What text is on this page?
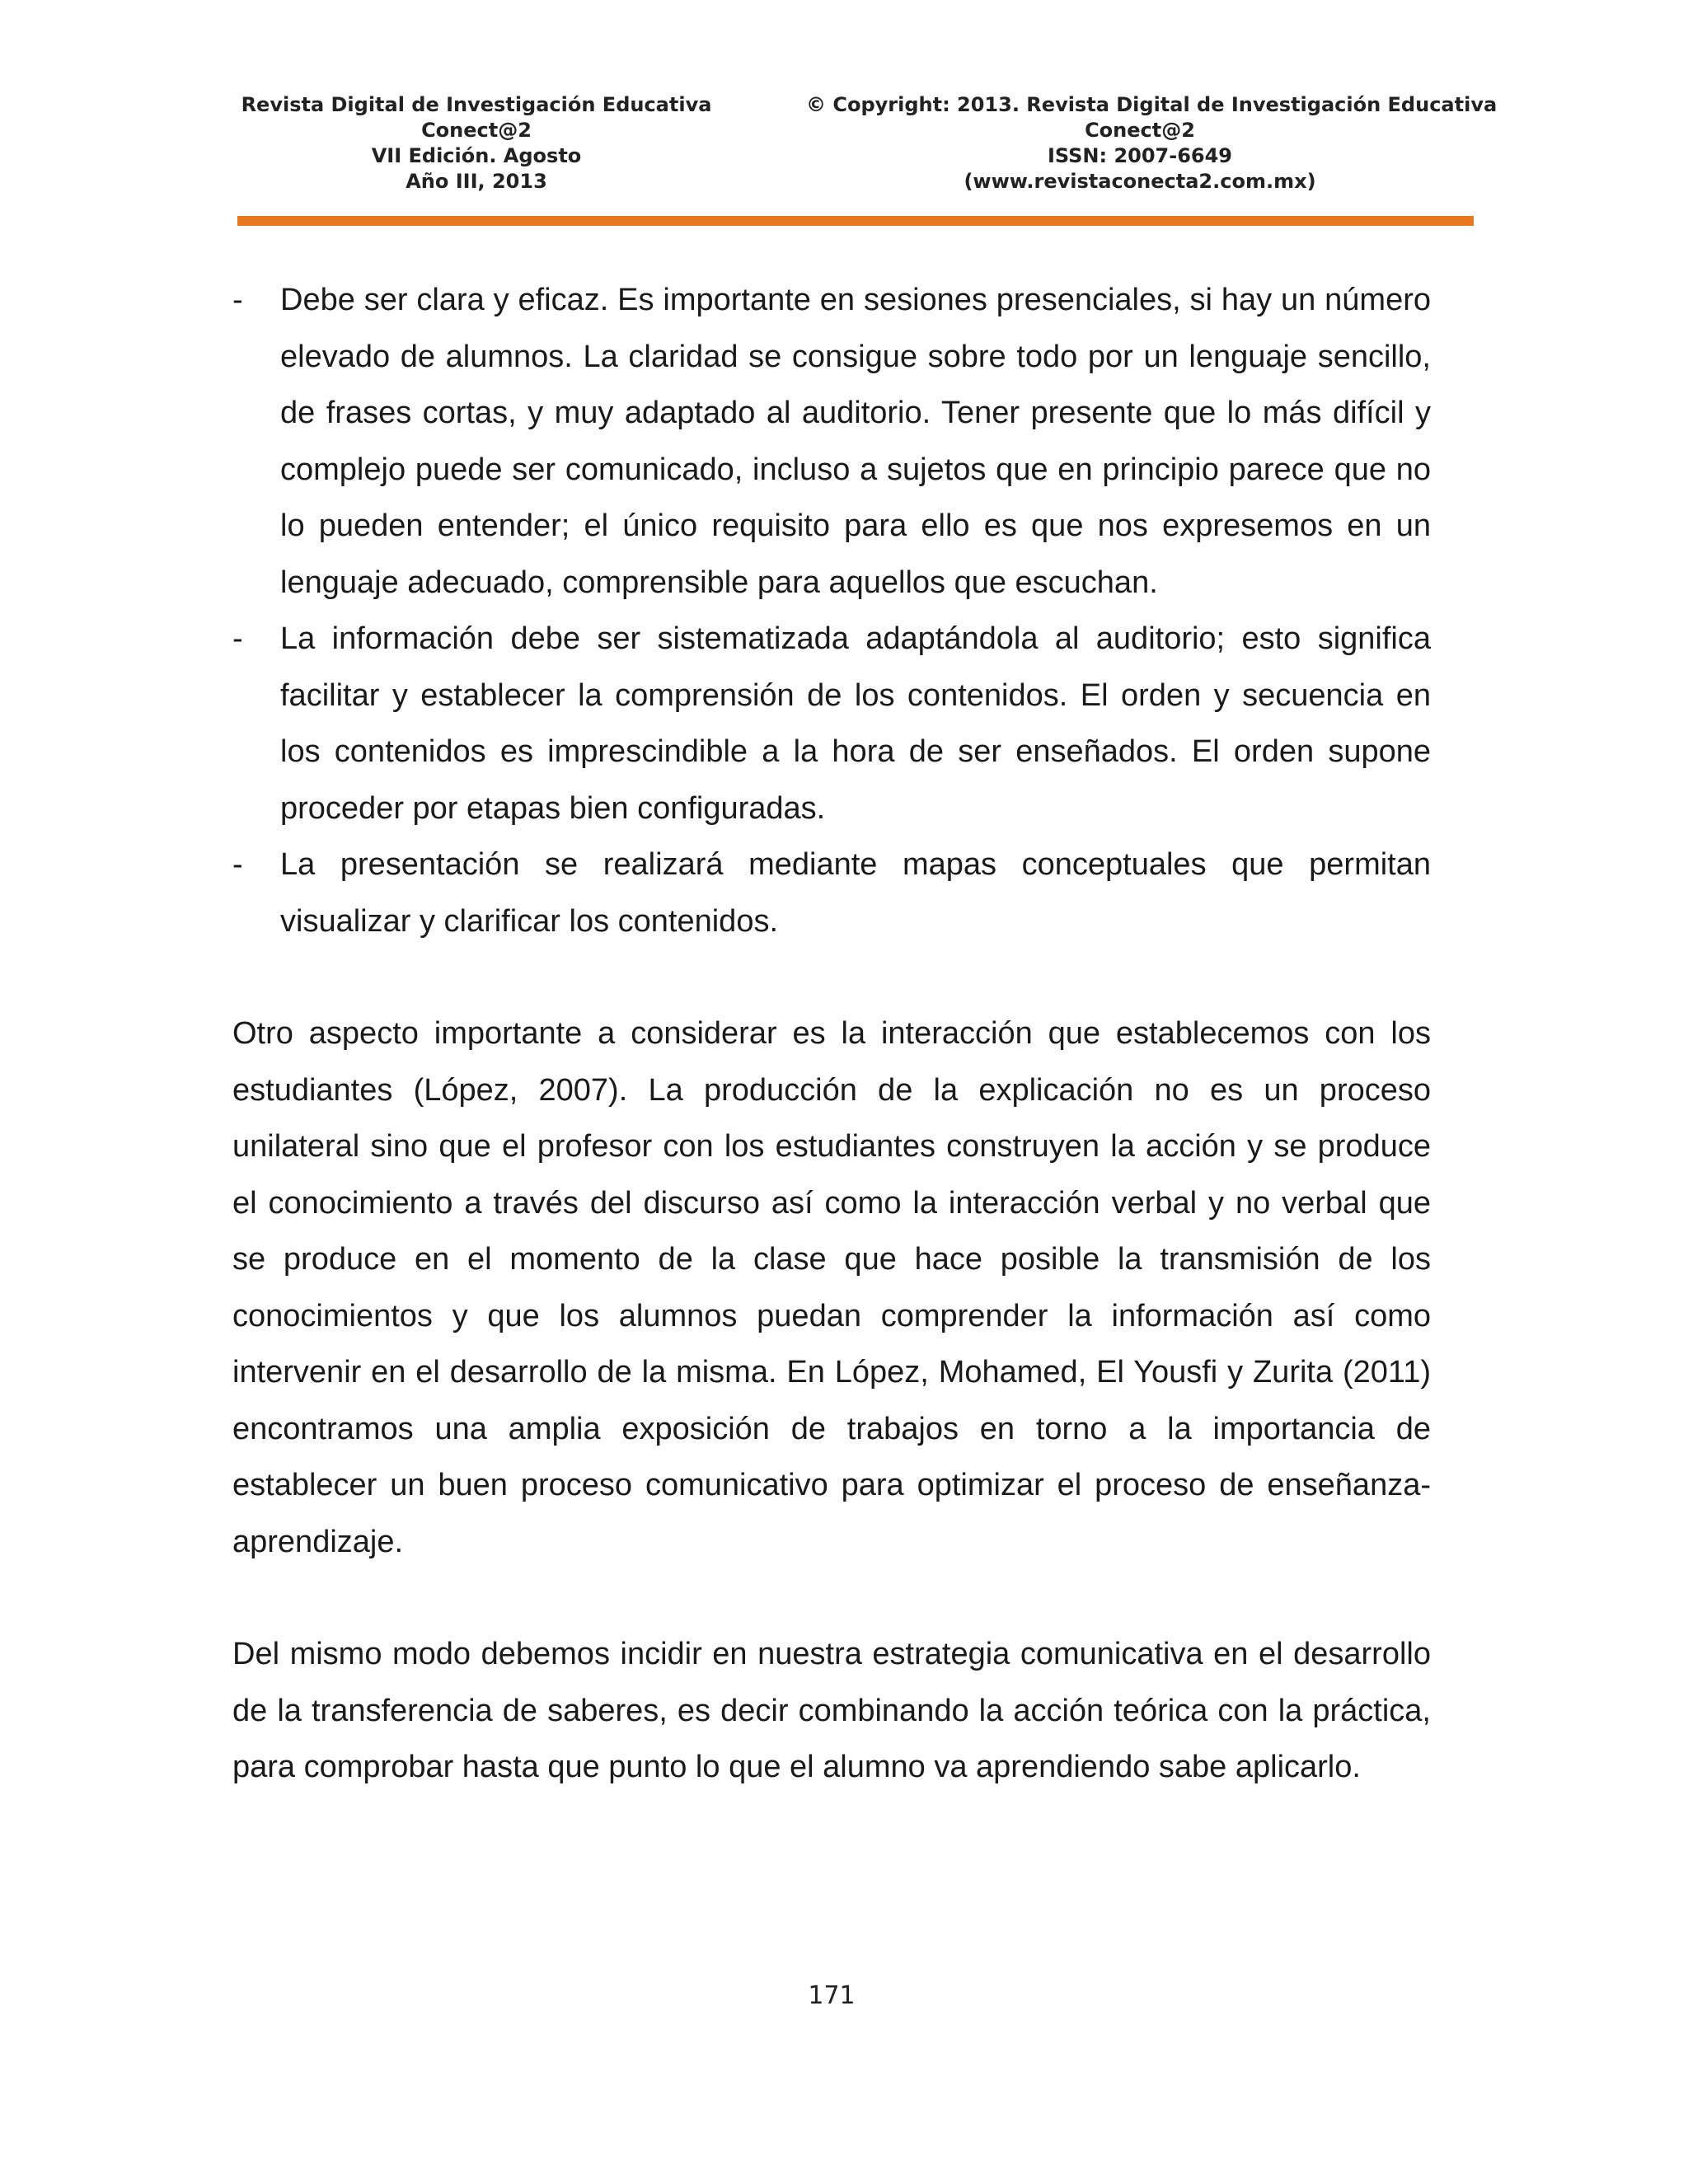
Revista Digital de Investigación Educativa
Conect@2
VII Edición. Agosto
Año III, 2013
© Copyright: 2013. Revista Digital de Investigación Educativa
Conect@2
ISSN: 2007-6649
(www.revistaconecta2.com.mx)
- Debe ser clara y eficaz. Es importante en sesiones presenciales, si hay un número elevado de alumnos. La claridad se consigue sobre todo por un lenguaje sencillo, de frases cortas, y muy adaptado al auditorio. Tener presente que lo más difícil y complejo puede ser comunicado, incluso a sujetos que en principio parece que no lo pueden entender; el único requisito para ello es que nos expresemos en un lenguaje adecuado, comprensible para aquellos que escuchan.
- La información debe ser sistematizada adaptándola al auditorio; esto significa facilitar y establecer la comprensión de los contenidos. El orden y secuencia en los contenidos es imprescindible a la hora de ser enseñados. El orden supone proceder por etapas bien configuradas.
- La presentación se realizará mediante mapas conceptuales que permitan visualizar y clarificar los contenidos.

Otro aspecto importante a considerar es la interacción que establecemos con los estudiantes (López, 2007). La producción de la explicación no es un proceso unilateral sino que el profesor con los estudiantes construyen la acción y se produce el conocimiento a través del discurso así como la interacción verbal y no verbal que se produce en el momento de la clase que hace posible la transmisión de los conocimientos y que los alumnos puedan comprender la información así como intervenir en el desarrollo de la misma. En López, Mohamed, El Yousfi y Zurita (2011) encontramos una amplia exposición de trabajos en torno a la importancia de establecer un buen proceso comunicativo para optimizar el proceso de enseñanza-aprendizaje.

Del mismo modo debemos incidir en nuestra estrategia comunicativa en el desarrollo de la transferencia de saberes, es decir combinando la acción teórica con la práctica, para comprobar hasta que punto lo que el alumno va aprendiendo sabe aplicarlo.

171
